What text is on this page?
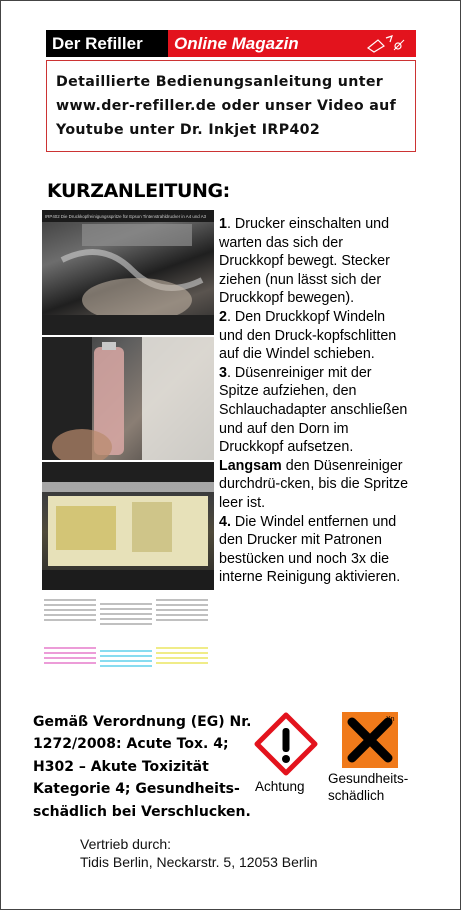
Der Refiller	Online Magazin

Detaillierte Bedienungsanleitung unter www.der-refiller.de oder unser Video auf Youtube unter Dr. Inkjet IRP402

KURZANLEITUNG:
IRP402 Die Druckkopfreinigungsspritze für Epson Tintenstrahldrucker in A4 und A3 1. Drucker einschalten und warten das sich der Druckkopf bewegt. Stecker ziehen (nun lässt sich der Druckkopf bewegen).
2. Den Druckkopf Windeln und den Druck-kopfschlitten auf die Windel schieben.
3. Düsenreiniger mit der Spitze aufziehen, den Schlauchadapter anschließen und auf den Dorn im Druckkopf aufsetzen. Langsam den Düsenreiniger durchdrü-cken, bis die Spritze leer ist.
4. Die Windel entfernen und den Drucker mit Patronen bestücken und noch 3x die interne Reinigung aktivieren.
Gemäß Verordnung (EG) Nr. 1272/2008: Acute Tox. 4; H302 – Akute Toxizität Kategorie 4; Gesundheits-schädlich bei Verschlucken.
Achtung
Xn
Gesundheits-schädlich
Vertrieb durch:
Tidis Berlin, Neckarstr. 5, 12053 Berlin
